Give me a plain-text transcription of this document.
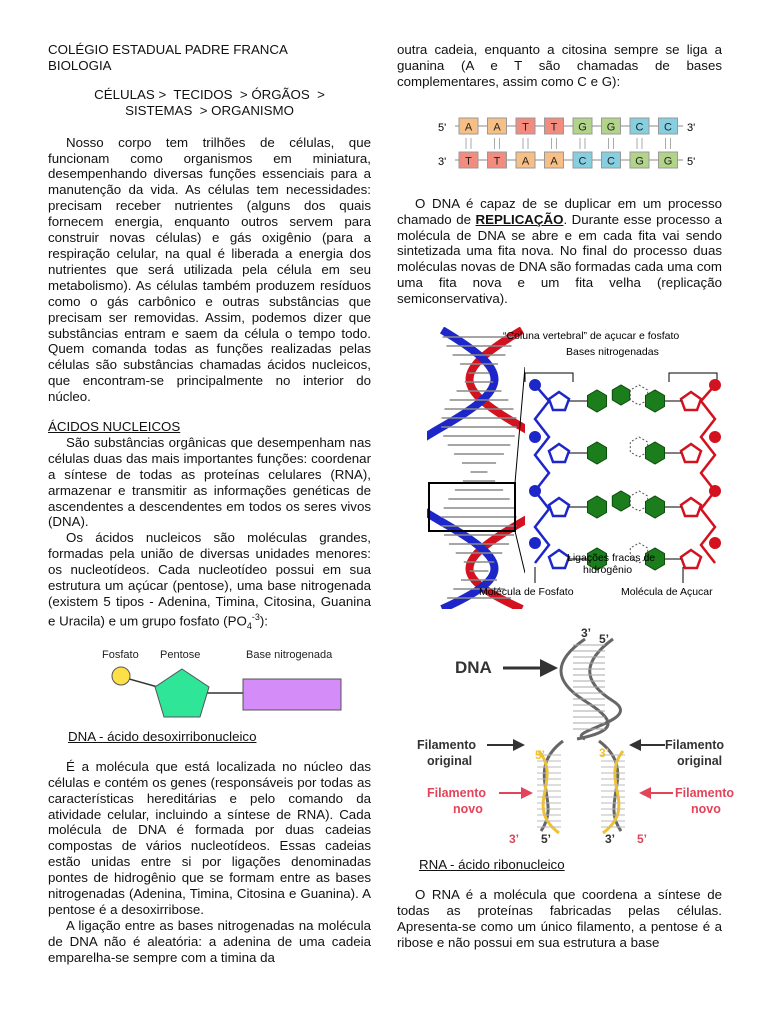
COLÉGIO ESTADUAL PADRE FRANCA
BIOLOGIA
CÉLULAS >  TECIDOS  > ÓRGÃOS  >
SISTEMAS  > ORGANISMO

Nosso corpo tem trilhões de células, que funcionam como organismos em miniatura, desempenhando diversas funções essenciais para a manutenção da vida. As células tem necessidades: precisam receber nutrientes (alguns dos quais fornecem energia, enquanto outros servem para construir novas células) e gás oxigênio (para a respiração celular, na qual é liberada a energia dos nutrientes que será utilizada pela célula em seu metabolismo). As células também produzem resíduos como o gás carbônico e outras substâncias que precisam ser removidas. Assim, podemos dizer que substâncias entram e saem da célula o tempo todo. Quem comanda todas as funções realizadas pelas células são substâncias chamadas ácidos nucleicos, que encontram-se principalmente no interior do núcleo.

ÁCIDOS NUCLEICOS

São substâncias orgânicas que desempenham nas células duas das mais importantes funções: coordenar a síntese de todas as proteínas celulares (RNA), armazenar e transmitir as informações genéticas de ascendentes a descendentes em todos os seres vivos (DNA).

Os ácidos nucleicos são moléculas grandes, formadas pela união de diversas unidades menores: os nucleotídeos. Cada nucleotídeo possui em sua estrutura um açúcar (pentose), uma base nitrogenada (existem 5 tipos - Adenina, Timina, Citosina, Guanina e Uracila) e um grupo fosfato $(PO_4^{-3})$:

Fosfato Pentose	Base nitrogenada
DNA - ácido desoxirribonucleico

É a molécula que está localizada no núcleo das células e contém os genes (responsáveis por todas as características hereditárias e pelo comando da atividade celular, incluindo a síntese de RNA). Cada molécula de DNA é formada por duas cadeias compostas de vários nucleotídeos. Essas cadeias estão unidas entre si por ligações denominadas pontes de hidrogênio que se formam entre as bases nitrogenadas (Adenina, Timina, Citosina e Guanina). A pentose é a desoxirribose.

A ligação entre as bases nitrogenadas na molécula de DNA não é aleatória: a adenina de uma cadeia emparelha-se sempre com a timina da

outra cadeia, enquanto a citosina sempre se liga a guanina (A e T são chamadas de bases complementares, assim como C e G):

5'
3'
3'
5'
A A T T G G C C
T T A A C C G G

O DNA é capaz de se duplicar em um processo chamado de REPLICAÇÃO. Durante esse processo a molécula de DNA se abre e em cada fita vai sendo sintetizada uma fita nova. No final do processo duas moléculas novas de DNA são formadas cada uma com uma fita nova e um fita velha (replicação semiconservativa).

“Coluna vertebral” de açucar e fosfato
Bases nitrogenadas
Ligações fracas de
hidrogênio
Molécula de Fosfato	Molécula de Açucar
DNA
3’ 5’
Filamento
original
Filamento
original
Filamento
novo
Filamento
novo
5’	3’
3’ 5’	3’ 5’
RNA - ácido ribonucleico

O RNA é a molécula que coordena a síntese de todas as proteínas fabricadas pelas células. Apresenta-se como um único filamento, a pentose é a ribose e não possui em sua estrutura a base
